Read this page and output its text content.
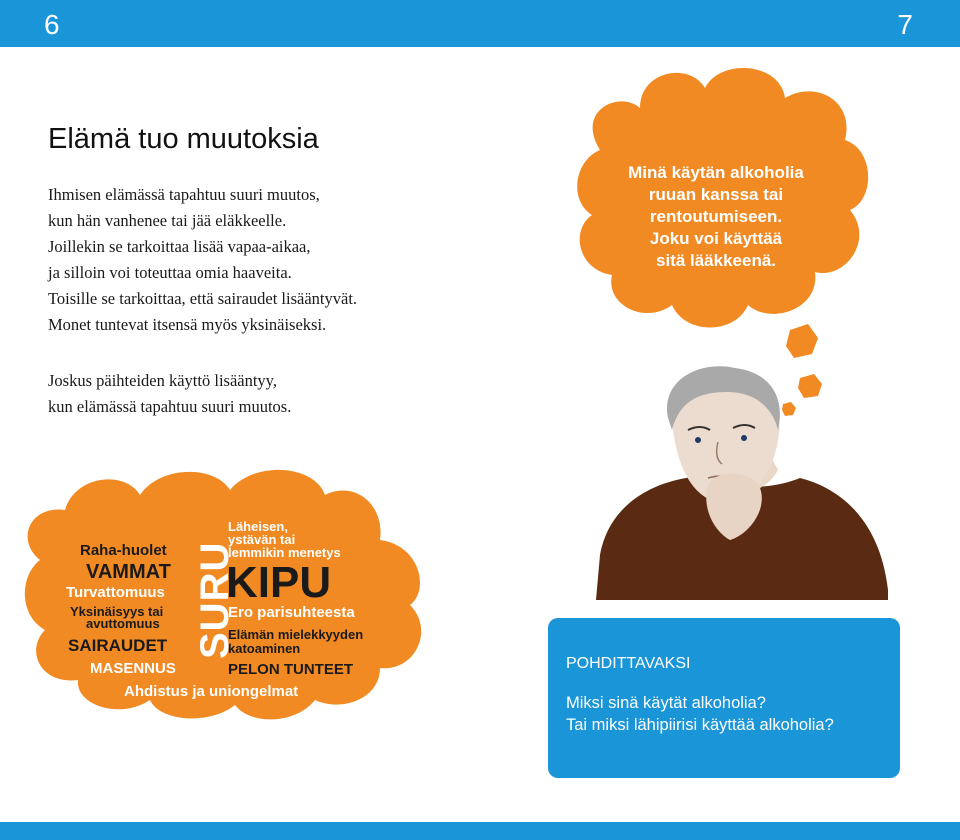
6	7
Elämä tuo muutoksia
Ihmisen elämässä tapahtuu suuri muutos,
kun hän vanhenee tai jää eläkkeelle.
Joillekin se tarkoittaa lisää vapaa-aikaa,
ja silloin voi toteuttaa omia haaveita.
Toisille se tarkoittaa, että sairaudet lisääntyvät.
Monet tuntevat itsensä myös yksinäiseksi.
Joskus päihteiden käyttö lisääntyy,
kun elämässä tapahtuu suuri muutos.
Minä käytän alkoholia
ruuan kanssa tai
rentoutumiseen.
Joku voi käyttää
sitä lääkkeenä.
Raha-huolet
VAMMAT
Turvattomuus
Yksinäisyys tai
avuttomuus
SAIRAUDET
MASENNUS
SURU
Läheisen,
ystävän tai
lemmikin menetys
KIPU
Ero parisuhteesta
Elämän mielekkyyden
katoaminen
PELON TUNTEET
Ahdistus ja uniongelmat
POHDITTAVAKSI
Miksi sinä käytät alkoholia?
Tai miksi lähipiirisi käyttää alkoholia?
